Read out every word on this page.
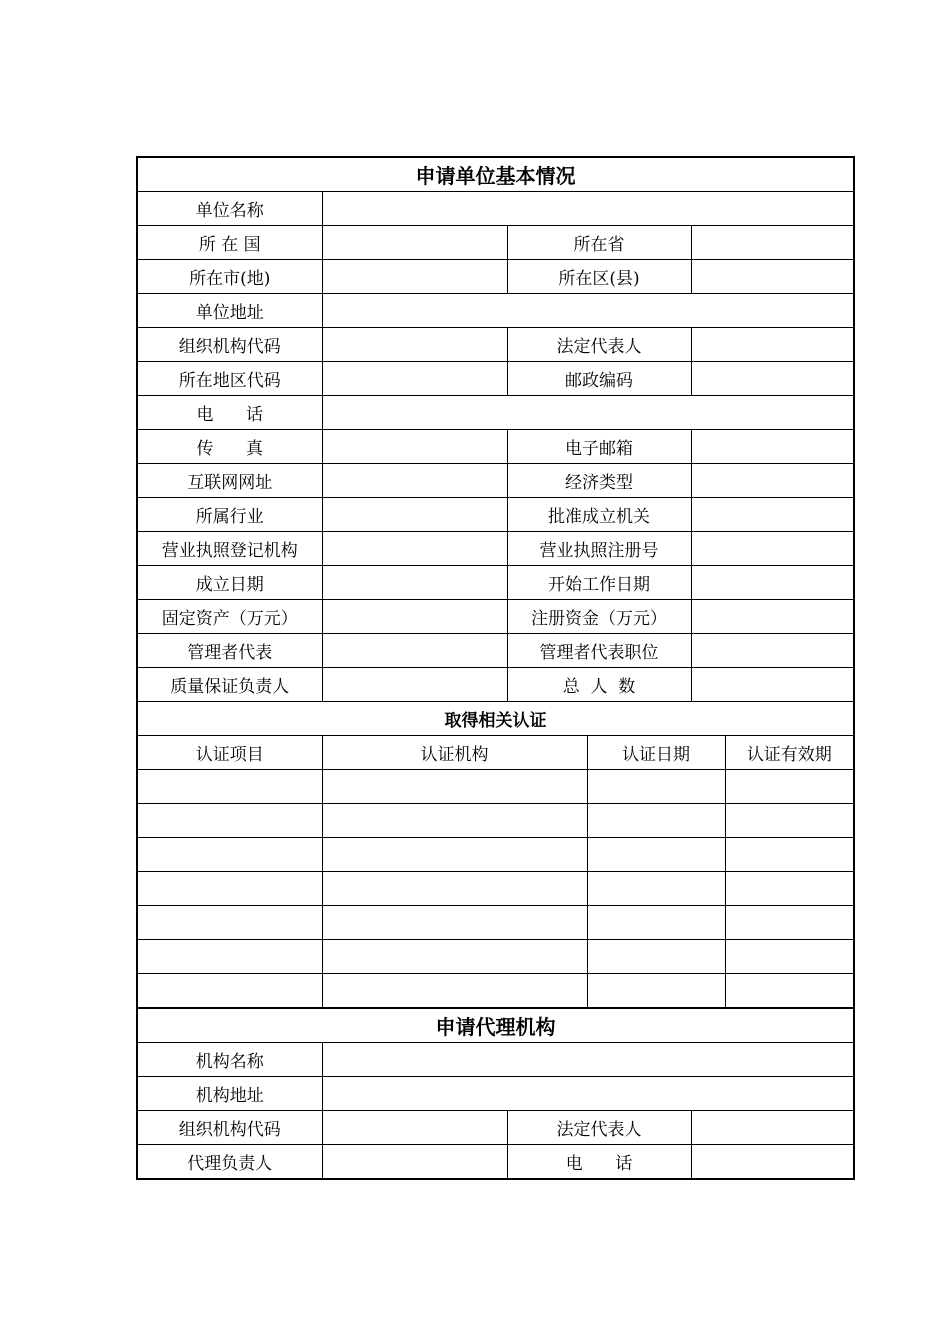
申请单位基本情况			
单位名称			
所 在 国		所在省	
所在市(地)		所在区(县)	
单位地址			
组织机构代码		法定代表人	
所在地区代码		邮政编码	
电      话			
传      真		电子邮箱	
互联网网址		经济类型	
所属行业		批准成立机关	
营业执照登记机构		营业执照注册号	
成立日期		开始工作日期	
固定资产（万元）		注册资金（万元）	
管理者代表		管理者代表职位	
质量保证负责人		总  人  数	
取得相关认证			
认证项目	认证机构	认证日期	认证有效期

申请代理机构			
机构名称			
机构地址			
组织机构代码		法定代表人	
代理负责人		电      话	
